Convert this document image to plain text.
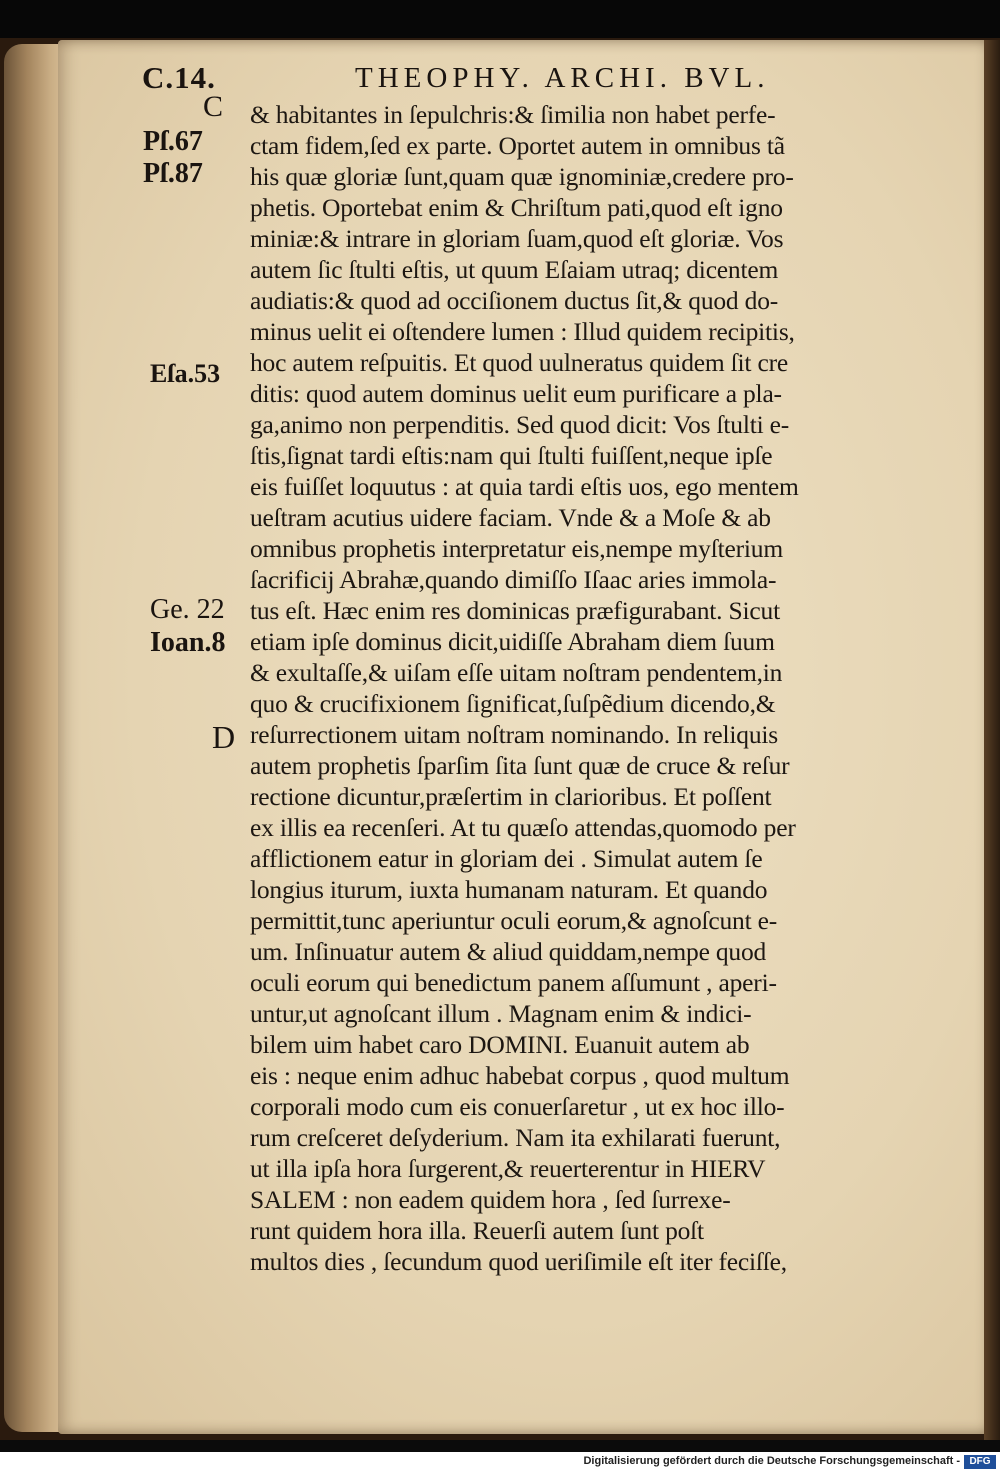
C.14.	THEOPHY. ARCHI. BVL.
C
Pſ.67
Pſ.87
Eſa.53
Ge. 22
Ioan.8
D
& habitantes in ſepulchris:& ſimilia non habet perfe-
ctam fidem,ſed ex parte. Oportet autem in omnibus tã
his quæ gloriæ ſunt,quam quæ ignominiæ,credere pro-
phetis. Oportebat enim & Chriſtum pati,quod eſt igno
miniæ:& intrare in gloriam ſuam,quod eſt gloriæ. Vos
autem ſic ſtulti eſtis, ut quum Eſaiam utraq; dicentem
audiatis:& quod ad occiſionem ductus ſit,& quod do-
minus uelit ei oſtendere lumen : Illud quidem recipitis,
hoc autem reſpuitis. Et quod uulneratus quidem ſit cre
ditis: quod autem dominus uelit eum purificare a pla-
ga,animo non perpenditis. Sed quod dicit: Vos ſtulti e-
ſtis,ſignat tardi eſtis:nam qui ſtulti fuiſſent,neque ipſe
eis fuiſſet loquutus : at quia tardi eſtis uos, ego mentem
ueſtram acutius uidere faciam. Vnde & a Moſe & ab
omnibus prophetis interpretatur eis,nempe myſterium
ſacrificij Abrahæ,quando dimiſſo Iſaac aries immola-
tus eſt. Hæc enim res dominicas præfigurabant. Sicut
etiam ipſe dominus dicit,uidiſſe Abraham diem ſuum
& exultaſſe,& uiſam eſſe uitam noſtram pendentem,in
quo & crucifixionem ſignificat,ſuſpẽdium dicendo,&
reſurrectionem uitam noſtram nominando. In reliquis
autem prophetis ſparſim ſita ſunt quæ de cruce & reſur
rectione dicuntur,præſertim in clarioribus. Et poſſent
ex illis ea recenſeri. At tu quæſo attendas,quomodo per
afflictionem eatur in gloriam dei . Simulat autem ſe
longius iturum, iuxta humanam naturam. Et quando
permittit,tunc aperiuntur oculi eorum,& agnoſcunt e-
um. Inſinuatur autem & aliud quiddam,nempe quod
oculi eorum qui benedictum panem aſſumunt , aperi-
untur,ut agnoſcant illum . Magnam enim & indici-
bilem uim habet caro DOMINI. Euanuit autem ab
eis : neque enim adhuc habebat corpus , quod multum
corporali modo cum eis conuerſaretur , ut ex hoc illo-
rum creſceret deſyderium. Nam ita exhilarati fuerunt,
ut illa ipſa hora ſurgerent,& reuerterentur in HIERV
SALEM : non eadem quidem hora , ſed ſurrexe-
runt quidem hora illa. Reuerſi autem ſunt poſt
multos dies , ſecundum quod ueriſimile eſt iter feciſſe,
Digitalisierung gefördert durch die Deutsche Forschungsgemeinschaft - DFG
